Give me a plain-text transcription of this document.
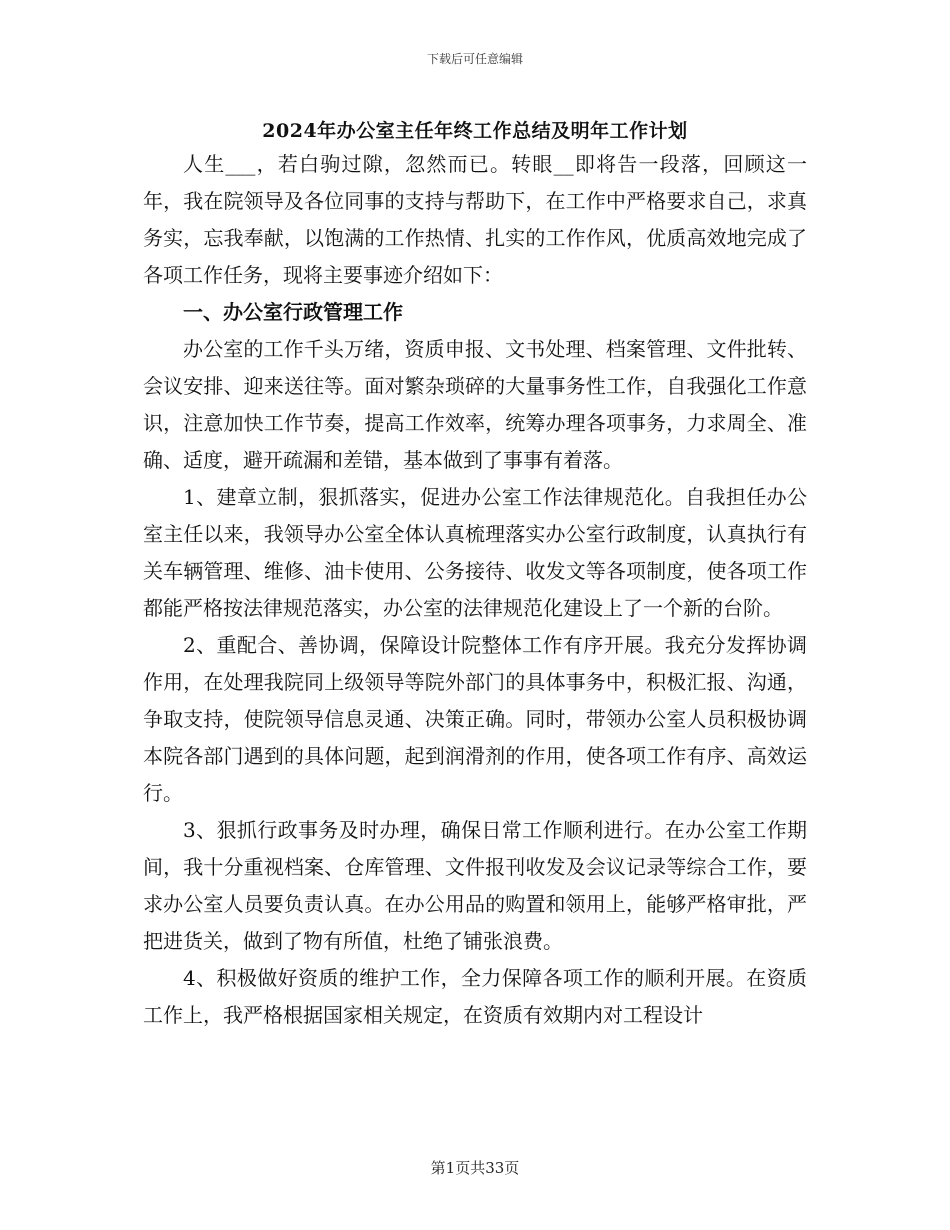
下载后可任意编辑
2024年办公室主任年终工作总结及明年工作计划

人生___，若白驹过隙，忽然而已。转眼__即将告一段落，回顾这一年，我在院领导及各位同事的支持与帮助下，在工作中严格要求自己，求真务实，忘我奉献，以饱满的工作热情、扎实的工作作风，优质高效地完成了各项工作任务，现将主要事迹介绍如下：

一、办公室行政管理工作

办公室的工作千头万绪，资质申报、文书处理、档案管理、文件批转、会议安排、迎来送往等。面对繁杂琐碎的大量事务性工作，自我强化工作意识，注意加快工作节奏，提高工作效率，统筹办理各项事务，力求周全、准确、适度，避开疏漏和差错，基本做到了事事有着落。

1、建章立制，狠抓落实，促进办公室工作法律规范化。自我担任办公室主任以来，我领导办公室全体认真梳理落实办公室行政制度，认真执行有关车辆管理、维修、油卡使用、公务接待、收发文等各项制度，使各项工作都能严格按法律规范落实，办公室的法律规范化建设上了一个新的台阶。

2、重配合、善协调，保障设计院整体工作有序开展。我充分发挥协调作用，在处理我院同上级领导等院外部门的具体事务中，积极汇报、沟通，争取支持，使院领导信息灵通、决策正确。同时，带领办公室人员积极协调本院各部门遇到的具体问题，起到润滑剂的作用，使各项工作有序、高效运行。

3、狠抓行政事务及时办理，确保日常工作顺利进行。在办公室工作期间，我十分重视档案、仓库管理、文件报刊收发及会议记录等综合工作，要求办公室人员要负责认真。在办公用品的购置和领用上，能够严格审批，严把进货关，做到了物有所值，杜绝了铺张浪费。

4、积极做好资质的维护工作，全力保障各项工作的顺利开展。在资质工作上，我严格根据国家相关规定，在资质有效期内对工程设计

第1页共33页
